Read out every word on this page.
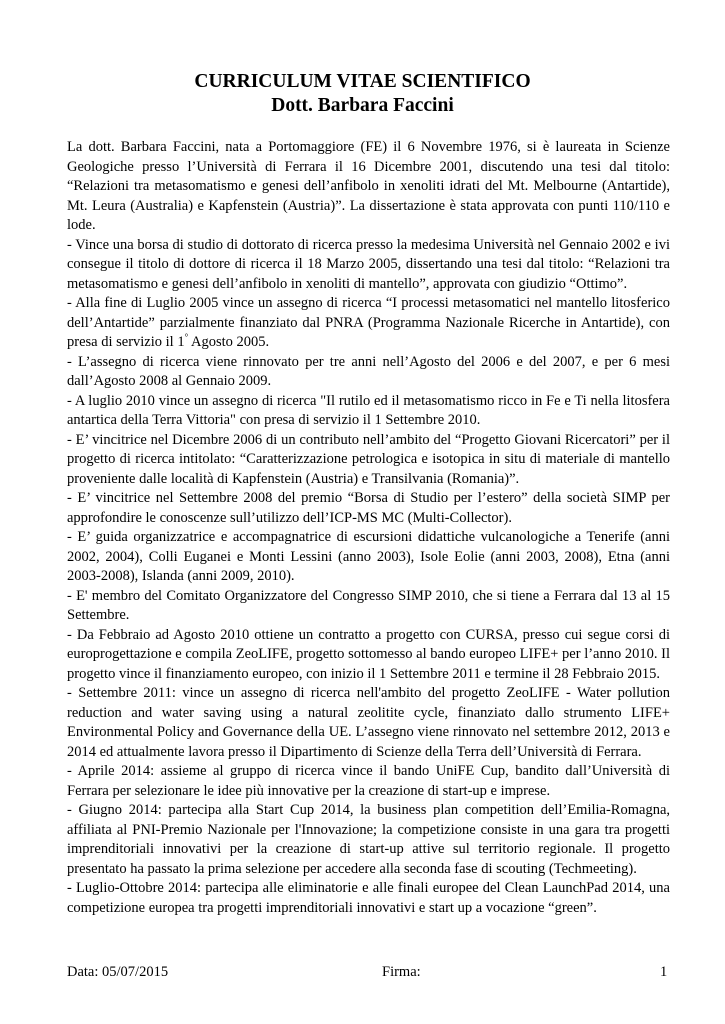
CURRICULUM VITAE SCIENTIFICO
Dott. Barbara Faccini

La dott. Barbara Faccini, nata a Portomaggiore (FE) il 6 Novembre 1976, si è laureata in Scienze Geologiche presso l’Università di Ferrara il 16 Dicembre 2001, discutendo una tesi dal titolo: “Relazioni tra metasomatismo e genesi dell’anfibolo in xenoliti idrati del Mt. Melbourne (Antartide), Mt. Leura (Australia) e Kapfenstein (Austria)”. La dissertazione è stata approvata con punti 110/110 e lode.

- Vince una borsa di studio di dottorato di ricerca presso la medesima Università nel Gennaio 2002 e ivi consegue il titolo di dottore di ricerca il 18 Marzo 2005, dissertando una tesi dal titolo: “Relazioni tra metasomatismo e genesi dell’anfibolo in xenoliti di mantello”, approvata con giudizio “Ottimo”.

- Alla fine di Luglio 2005 vince un assegno di ricerca “I processi metasomatici nel mantello litosferico dell’Antartide” parzialmente finanziato dal PNRA (Programma Nazionale Ricerche in Antartide), con presa di servizio il 1° Agosto 2005.

- L’assegno di ricerca viene rinnovato per tre anni nell’Agosto del 2006 e del 2007, e per 6 mesi dall’Agosto 2008 al Gennaio 2009.

- A luglio 2010 vince un assegno di ricerca "Il rutilo ed il metasomatismo ricco in Fe e Ti nella litosfera antartica della Terra Vittoria" con presa di servizio il 1 Settembre 2010.

- E’ vincitrice nel Dicembre 2006 di un contributo nell’ambito del “Progetto Giovani Ricercatori” per il progetto di ricerca intitolato: “Caratterizzazione petrologica e isotopica in situ di materiale di mantello proveniente dalle località di Kapfenstein (Austria) e Transilvania (Romania)”.

- E’ vincitrice nel Settembre 2008 del premio “Borsa di Studio per l’estero” della società SIMP per approfondire le conoscenze sull’utilizzo dell’ICP-MS MC (Multi-Collector).

- E’ guida organizzatrice e accompagnatrice di escursioni didattiche vulcanologiche a Tenerife (anni 2002, 2004), Colli Euganei e Monti Lessini (anno 2003), Isole Eolie (anni 2003, 2008), Etna (anni 2003-2008), Islanda (anni 2009, 2010).

- E' membro del Comitato Organizzatore del Congresso SIMP 2010, che si tiene a Ferrara dal 13 al 15 Settembre.

- Da Febbraio ad Agosto 2010 ottiene un contratto a progetto con CURSA, presso cui segue corsi di europrogettazione e compila ZeoLIFE, progetto sottomesso al bando europeo LIFE+ per l’anno 2010. Il progetto vince il finanziamento europeo, con inizio il 1 Settembre 2011 e termine il 28 Febbraio 2015.

- Settembre 2011: vince un assegno di ricerca nell'ambito del progetto ZeoLIFE - Water pollution reduction and water saving using a natural zeolitite cycle, finanziato dallo strumento LIFE+ Environmental Policy and Governance della UE. L’assegno viene rinnovato nel settembre 2012, 2013 e 2014 ed attualmente lavora presso il Dipartimento di Scienze della Terra dell’Università di Ferrara.

- Aprile 2014: assieme al gruppo di ricerca vince il bando UniFE Cup, bandito dall’Università di Ferrara per selezionare le idee più innovative per la creazione di start-up e imprese.

- Giugno 2014: partecipa alla Start Cup 2014, la business plan competition dell’Emilia-Romagna, affiliata al PNI-Premio Nazionale per l'Innovazione; la competizione consiste in una gara tra progetti imprenditoriali innovativi per la creazione di start-up attive sul territorio regionale. Il progetto presentato ha passato la prima selezione per accedere alla seconda fase di scouting (Techmeeting).

- Luglio-Ottobre 2014: partecipa alle eliminatorie e alle finali europee del Clean LaunchPad 2014, una competizione europea tra progetti imprenditoriali innovativi e start up a vocazione “green”.

Data: 05/07/2015	Firma:	1
